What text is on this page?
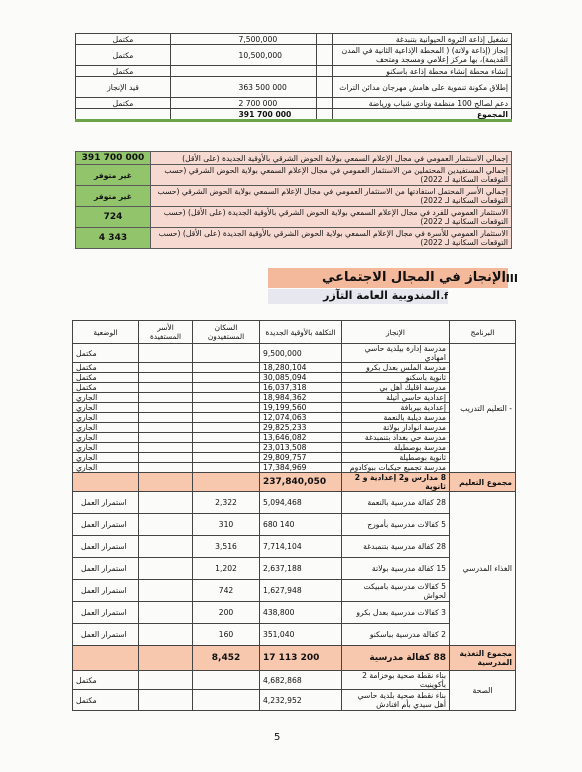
مكتمل		7,500,000		تشغيل إذاعة الثروة الحيوانية بتنبدغة
مكتمل		10,500,000		إنجاز (إذاعة ولاتة) ( المحطة الإذاعية الثانية في المدن القديمة)، بها مركز إعلامي ومسجد ومتحف
مكتمل				إنشاء محطة إنشاء محطة إذاعة باسكنو
قيد الإنجاز		363 500 000		إطلاق مكونة تنموية على هامش مهرجان مدائن التراث
مكتمل		2 700 000		دعم لصالح 100 منظمة ونادي شباب ورياضة
		391 700 000		المجموع
391 700 000	إجمالي الاستثمار العمومي في مجال الإعلام السمعي بولاية الحوض الشرقي بالأوقية الجديدة (على الأقل)
غير متوفر	إجمالي المستفيدين المحتملين من الاستثمار العمومي في مجال الإعلام السمعي بولاية الحوض الشرقي (حسب التوقعات السكانية لـ 2022)
غير متوفر	إجمالي الأسر المحتمل استفادتها من الاستثمار العمومي في مجال الإعلام السمعي بولاية الحوض الشرقي (حسب التوقعات السكانية لـ 2022)
724	الاستثمار العمومي للفرد في مجال الإعلام السمعي بولاية الحوض الشرقي بالأوقية الجديدة (على الأقل) (حسب التوقعات السكانية لـ 2022)
4 343	الاستثمار العمومي للأسرة في مجال الإعلام السمعي بولاية الحوض الشرقي بالأوقية الجديدة (على الأقل) (حسب التوقعات السكانية لـ 2022)
الإنجاز في المجال الاجتماعي
.III
المندوبية العامة التآزر .f
الوضعية	الأسر المستفيدة	السكان المستفيدون	التكلفة بالأوقية الجديدة	الإنجاز	البرنامج
مكتمل			9,500,000	مدرسة إدارة بيلدية حاسي امهادي	- التعليم التدريب
مكتمل			18,280,104	مدرسة الملس بعدل بكرو	
مكتمل			30,085,094	ثانوية باسكنو	
مكتمل			16,037,318	مدرسة اقليك أهل بي	
الجاري			18,984,362	إعدادية حاسي أتيلة	
الجاري			19,199,560	إعدادية بيربافة	
الجاري			12,074,063	مدرسة ديلبة بالنعمة	
الجاري			29,825,233	مدرسة انوادار بولاتة	
الجاري			13,646,082	مدرسة حي بغداد بتنمبدغة	
الجاري			23,013,508	مدرسة بوصطيلة	
الجاري			29,809,757	ثانوية بوصطيلة	
الجاري			17,384,969	مدرسة تجميع جيكبات ببوكادوم	
			237,840,050	8 مدارس و2 إعدادية و 2 ثانوية	مجموع التعليم
استمرار العمل		2,322	5,094,468	28 كفالة مدرسية بالنعمة	الغذاء المدرسي
استمرار العمل		310	680 140	5 كفالات مدرسية بأمورج	
استمرار العمل		3,516	7,714,104	28 كفالة مدرسية بتنمبدغة	
استمرار العمل		1,202	2,637,188	15 كفالة مدرسية بولاتة	
استمرار العمل		742	1,627,948	5 كفالات مدرسية بامبيكت لحواش	
استمرار العمل		200	438,800	3 كفالات مدرسية بعدل بكرو	
استمرار العمل		160	351,040	2 كفالة مدرسية بباسكنو	
		8,452	17 113 200	88 كفالة مدرسية	مجموع التغذية المدرسية
مكتمل			4,682,868	بناء نقطة صحية بوخزامة 2 بأكوينيت	الصحة
مكتمل			4,232,952	بناء نقطة صحية بلدية حاسي أهل سيدي بأم افنادش	
5
